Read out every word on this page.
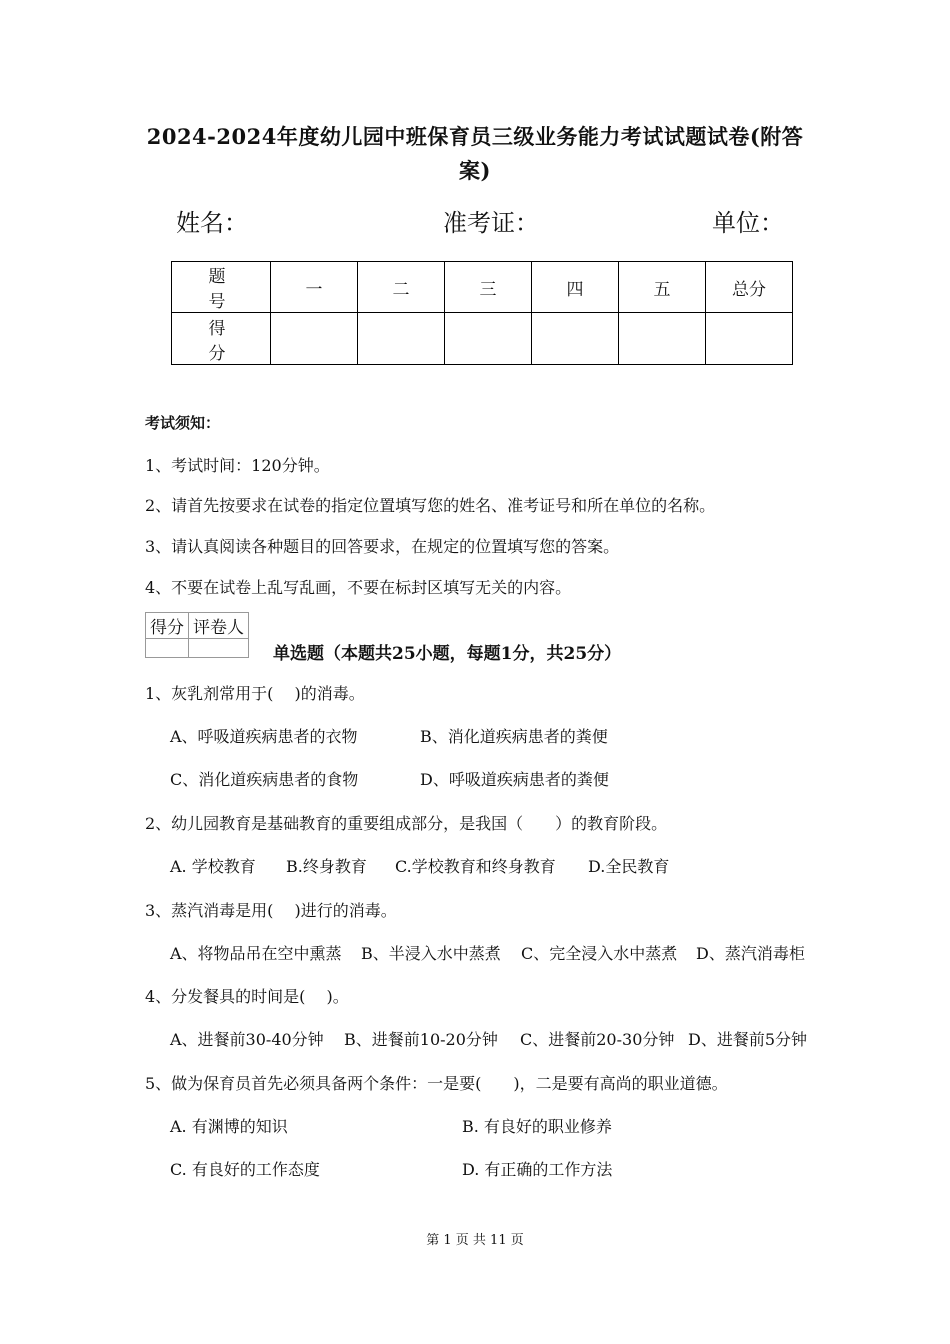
2024-2024年度幼儿园中班保育员三级业务能力考试试题试卷(附答
案)
姓名：	准考证：	单位：
题　号	一	二	三	四	五	总分
得　分						
考试须知：
1、考试时间：120分钟。
2、请首先按要求在试卷的指定位置填写您的姓名、准考证号和所在单位的名称。
3、请认真阅读各种题目的回答要求，在规定的位置填写您的答案。
4、不要在试卷上乱写乱画，不要在标封区填写无关的内容。
得分	评卷人

单选题（本题共25小题，每题1分，共25分）
1、灰乳剂常用于(　 )的消毒。
A、呼吸道疾病患者的衣物	B、消化道疾病患者的粪便
C、消化道疾病患者的食物	D、呼吸道疾病患者的粪便
2、幼儿园教育是基础教育的重要组成部分，是我国（　　）的教育阶段。
A. 学校教育 B.终身教育 C.学校教育和终身教育 D.全民教育
3、蒸汽消毒是用(　 )进行的消毒。
A、将物品吊在空中熏蒸 B、半浸入水中蒸煮 C、完全浸入水中蒸煮 D、蒸汽消毒柜
4、分发餐具的时间是(　 )。
A、进餐前30-40分钟 B、进餐前10-20分钟 C、进餐前20-30分钟 D、进餐前5分钟
5、做为保育员首先必须具备两个条件：一是要(　　)，二是要有高尚的职业道德。
A. 有渊博的知识	B. 有良好的职业修养
C. 有良好的工作态度	D. 有正确的工作方法
第 1 页 共 11 页
